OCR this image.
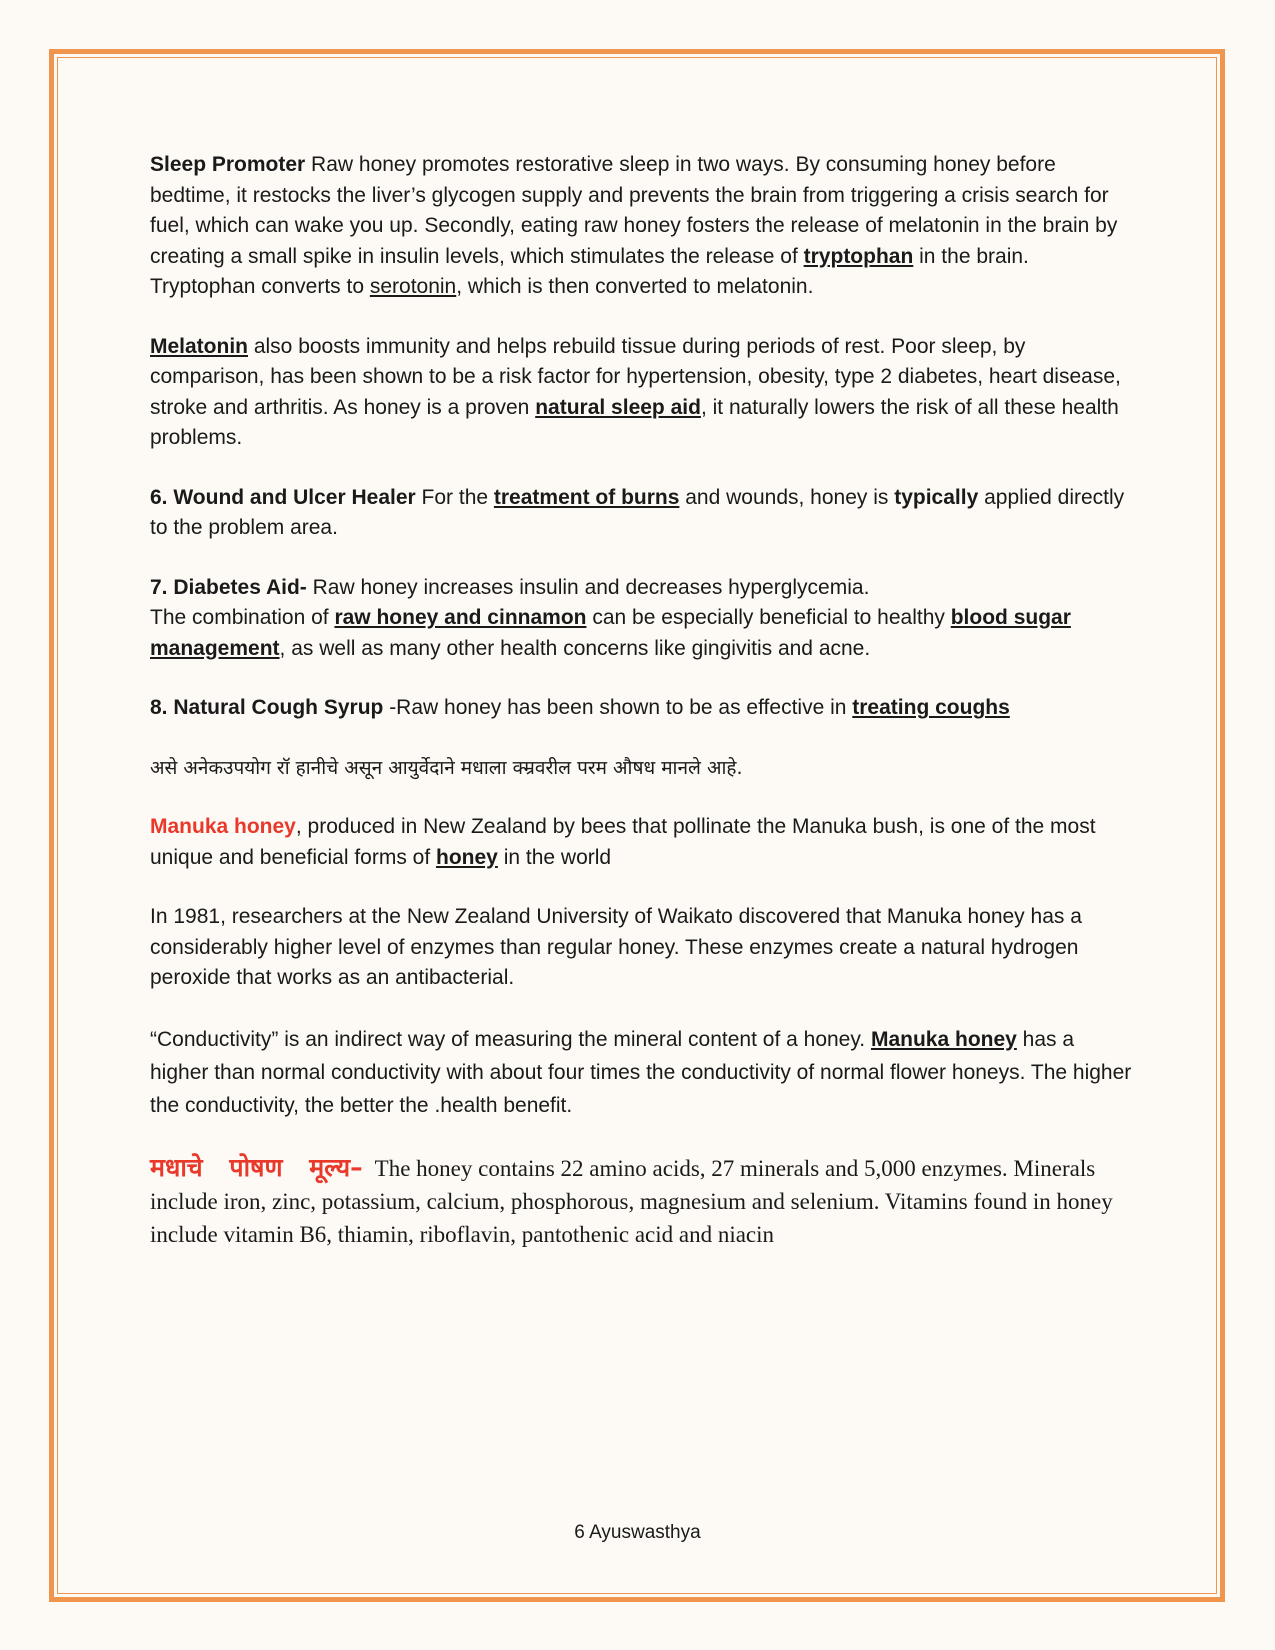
Sleep Promoter Raw honey promotes restorative sleep in two ways. By consuming honey before bedtime, it restocks the liver’s glycogen supply and prevents the brain from triggering a crisis search for fuel, which can wake you up. Secondly, eating raw honey fosters the release of melatonin in the brain by creating a small spike in insulin levels, which stimulates the release of tryptophan in the brain. Tryptophan converts to serotonin, which is then converted to melatonin.

Melatonin also boosts immunity and helps rebuild tissue during periods of rest. Poor sleep, by comparison, has been shown to be a risk factor for hypertension, obesity, type 2 diabetes, heart disease, stroke and arthritis. As honey is a proven natural sleep aid, it naturally lowers the risk of all these health problems.

6. Wound and Ulcer Healer For the treatment of burns and wounds, honey is typically applied directly to the problem area.

7. Diabetes Aid- Raw honey increases insulin and decreases hyperglycemia.
The combination of raw honey and cinnamon can be especially beneficial to healthy blood sugar management, as well as many other health concerns like gingivitis and acne.

8. Natural Cough Syrup -Raw honey has been shown to be as effective in treating coughs

असे अनेकउपयोग रॉ हानीचे असून आयुर्वेदाने मधाला क्म्रवरील परम औषध मानले आहे.

Manuka honey, produced in New Zealand by bees that pollinate the Manuka bush, is one of the most unique and beneficial forms of honey in the world

In 1981, researchers at the New Zealand University of Waikato discovered that Manuka honey has a considerably higher level of enzymes than regular honey. These enzymes create a natural hydrogen peroxide that works as an antibacterial.

“Conductivity” is an indirect way of measuring the mineral content of a honey. Manuka honey has a higher than normal conductivity with about four times the conductivity of normal flower honeys. The higher the conductivity, the better the .health benefit.

मधाचे पोषण मूल्य– The honey contains 22 amino acids, 27 minerals and 5,000 enzymes. Minerals include iron, zinc, potassium, calcium, phosphorous, magnesium and selenium. Vitamins found in honey include vitamin B6, thiamin, riboflavin, pantothenic acid and niacin

6 Ayuswasthya
